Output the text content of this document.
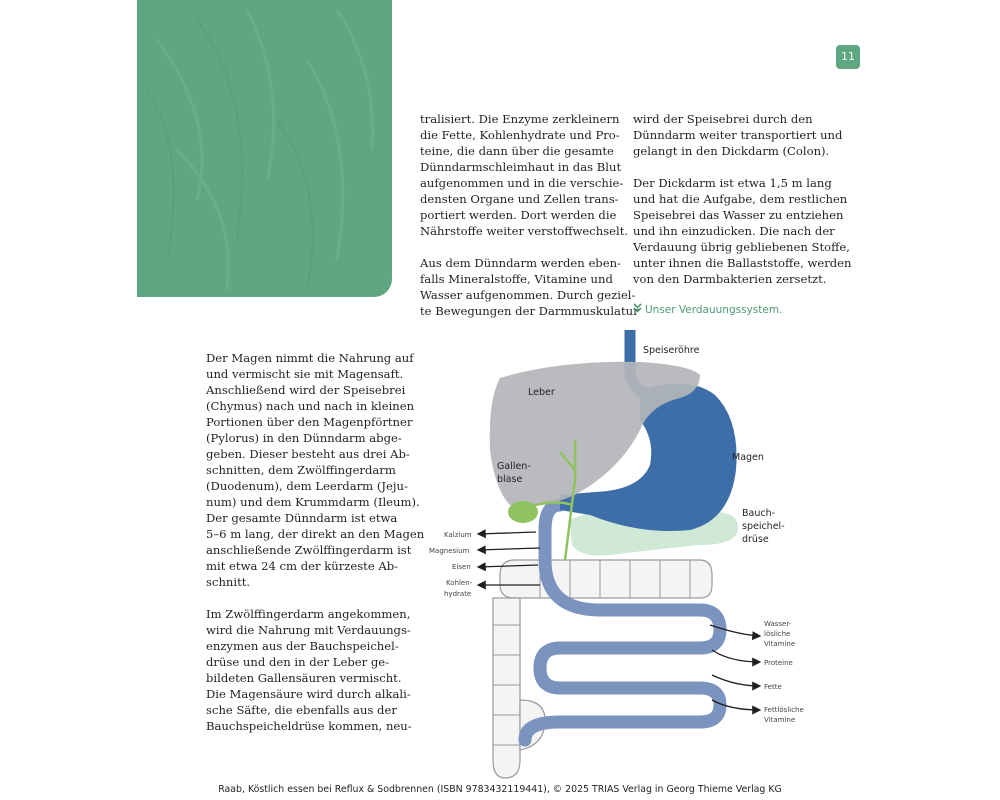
11

tralisiert. Die Enzyme zerkleinern
die Fette, Kohlenhydrate und Pro-
teine, die dann über die gesamte
Dünndarmschleimhaut in das Blut
aufgenommen und in die verschie-
densten Organe und Zellen trans-
portiert werden. Dort werden die
Nährstoffe weiter verstoffwechselt.

Aus dem Dünndarm werden eben-
falls Mineralstoffe, Vitamine und
Wasser aufgenommen. Durch geziel-
te Bewegungen der Darmmuskulatur

wird der Speisebrei durch den
Dünndarm weiter transportiert und
gelangt in den Dickdarm (Colon).

Der Dickdarm ist etwa 1,5 m lang
und hat die Aufgabe, dem restlichen
Speisebrei das Wasser zu entziehen
und ihn einzudicken. Die nach der
Verdauung übrig gebliebenen Stoffe,
unter ihnen die Ballaststoffe, werden
von den Darmbakterien zersetzt.

Unser Verdauungssystem.

Der Magen nimmt die Nahrung auf
und vermischt sie mit Magensaft.
Anschließend wird der Speisebrei
(Chymus) nach und nach in kleinen
Portionen über den Magenpförtner
(Pylorus) in den Dünndarm abge-
geben. Dieser besteht aus drei Ab-
schnitten, dem Zwölffingerdarm
(Duodenum), dem Leerdarm (Jeju-
num) und dem Krummdarm (Ileum).
Der gesamte Dünndarm ist etwa
5–6 m lang, der direkt an den Magen
anschließende Zwölffingerdarm ist
mit etwa 24 cm der kürzeste Ab-
schnitt.

Im Zwölffingerdarm angekommen,
wird die Nahrung mit Verdauungs-
enzymen aus der Bauchspeichel-
drüse und den in der Leber ge-
bildeten Gallensäuren vermischt.
Die Magensäure wird durch alkali-
sche Säfte, die ebenfalls aus der
Bauchspeicheldrüse kommen, neu-

Speiseröhre
Leber
Magen
Gallen-
blase
Bauch-
speichel-
drüse
Kalzium
Magnesium
Eisen
Kohlen-
hydrate
Wasser-
lösliche
Vitamine
Proteine
Fette
Fettlösliche
Vitamine
Raab, Köstlich essen bei Reflux & Sodbrennen (ISBN 9783432119441), © 2025 TRIAS Verlag in Georg Thieme Verlag KG
